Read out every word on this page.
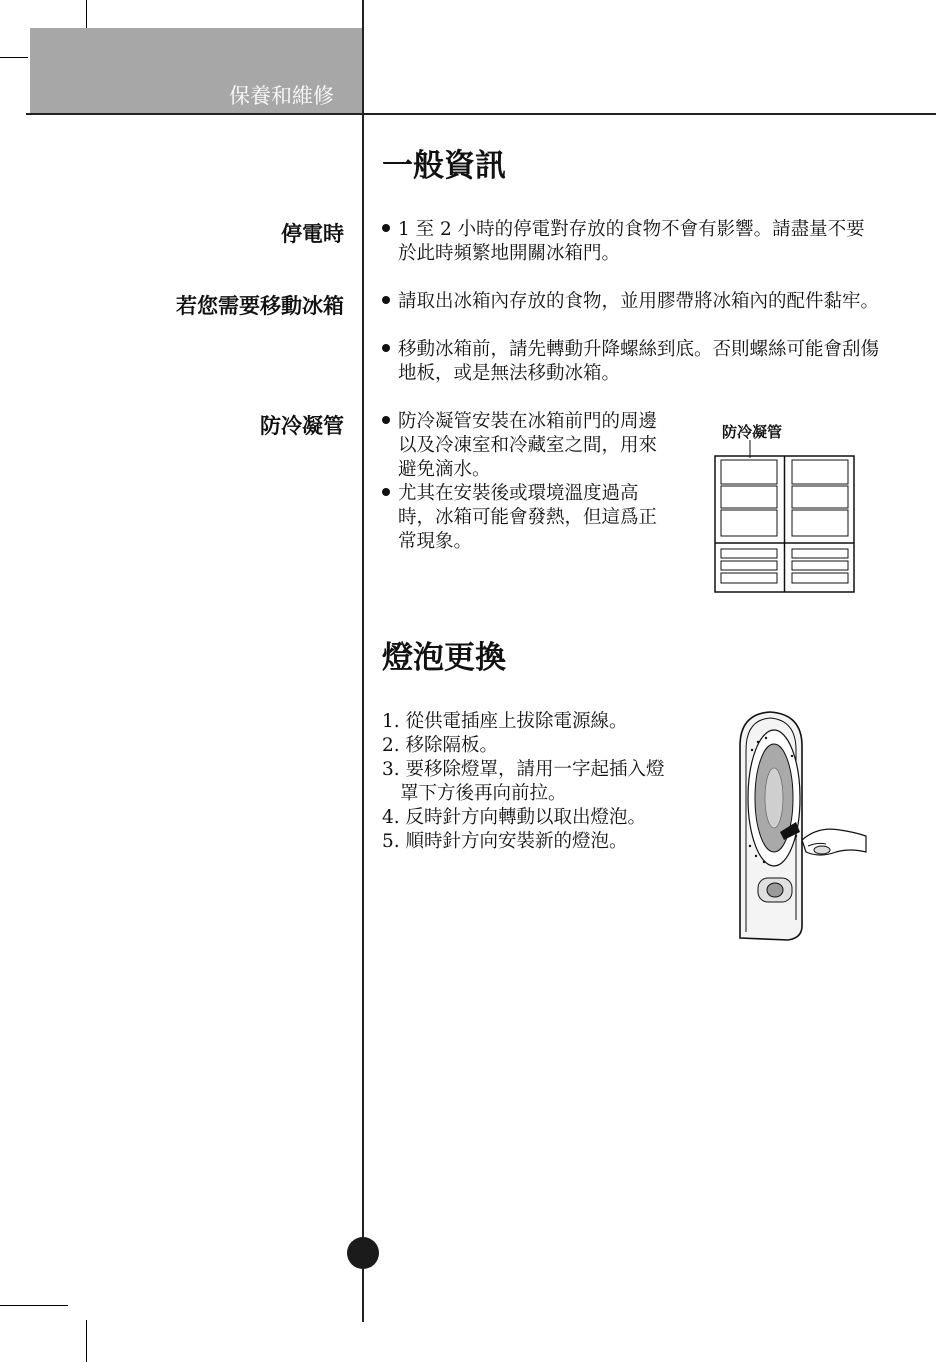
保養和維修
一般資訊
停電時	1 至 2 小時的停電對存放的食物不會有影響。請盡量不要於此時頻繁地開關冰箱門。
若您需要移動冰箱	請取出冰箱內存放的食物，並用膠帶將冰箱內的配件黏牢。
移動冰箱前，請先轉動升降螺絲到底。否則螺絲可能會刮傷地板，或是無法移動冰箱。
防冷凝管	防冷凝管安裝在冰箱前門的周邊以及冷凍室和冷藏室之間，用來避免滴水。
尤其在安裝後或環境溫度過高時，冰箱可能會發熱，但這爲正常現象。
防冷凝管
燈泡更換
1. 從供電插座上拔除電源線。
2. 移除隔板。
3. 要移除燈罩，請用一字起插入燈罩下方後再向前拉。
4. 反時針方向轉動以取出燈泡。
5. 順時針方向安裝新的燈泡。
